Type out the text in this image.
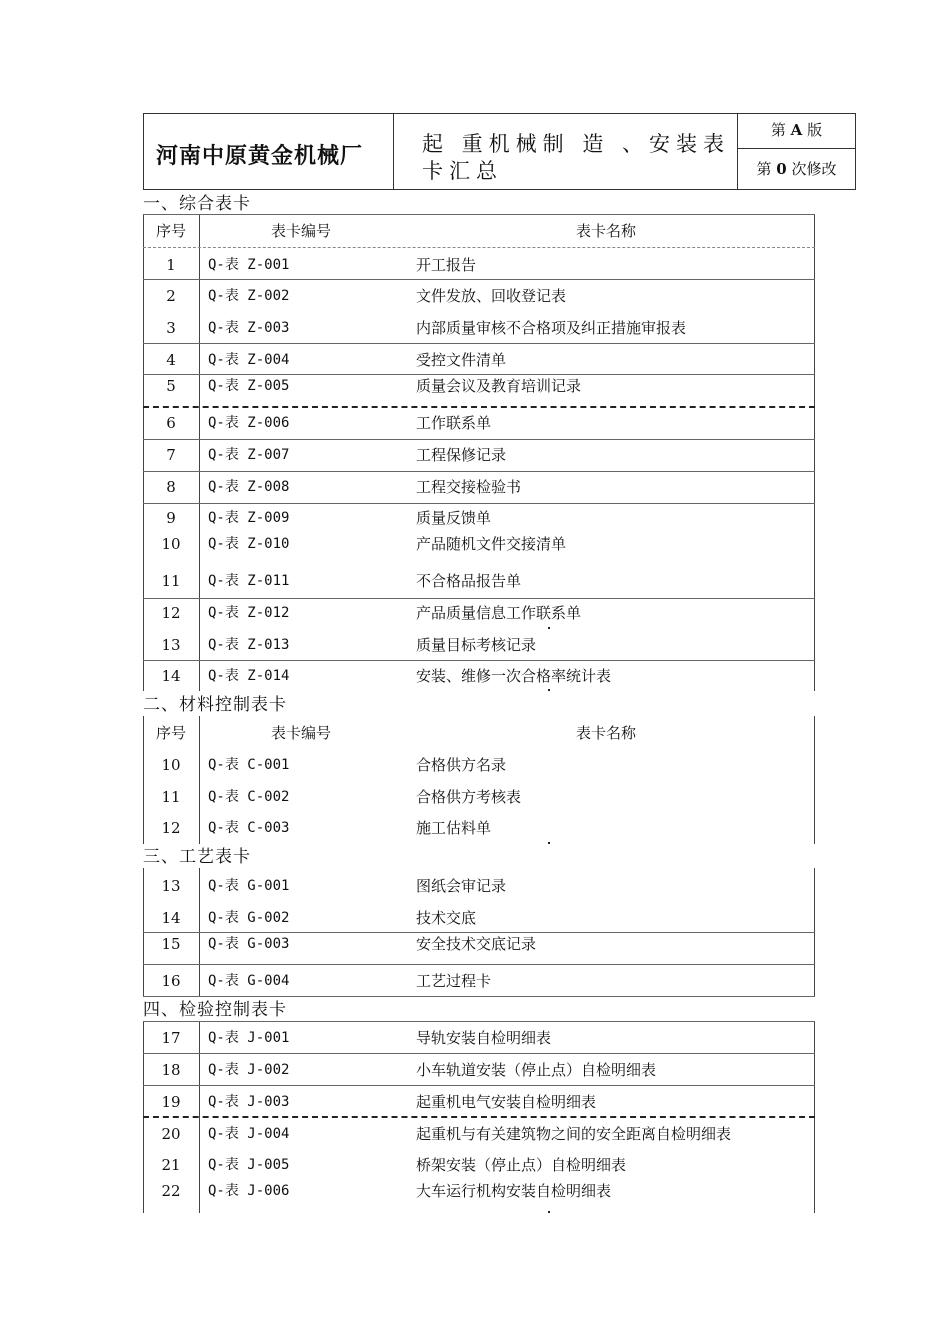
河南中原黄金机械厂	起 重机械制 造 、安装表卡汇总
第 A 版
第 0 次修改
一、综合表卡
序号	表卡编号	表卡名称
1	Q-表 Z-001	开工报告
2	Q-表 Z-002	文件发放、回收登记表
3	Q-表 Z-003	内部质量审核不合格项及纠正措施审报表
4	Q-表 Z-004	受控文件清单
5	Q-表 Z-005	质量会议及教育培训记录
6	Q-表 Z-006	工作联系单
7	Q-表 Z-007	工程保修记录
8	Q-表 Z-008	工程交接检验书
9	Q-表 Z-009	质量反馈单
10	Q-表 Z-010	产品随机文件交接清单
11	Q-表 Z-011	不合格品报告单
12	Q-表 Z-012	产品质量信息工作联系单
13	Q-表 Z-013	质量目标考核记录
14	Q-表 Z-014	安装、维修一次合格率统计表
二、材料控制表卡
序号	表卡编号	表卡名称
10	Q-表 C-001	合格供方名录
11	Q-表 C-002	合格供方考核表
12	Q-表 C-003	施工估料单
三、工艺表卡
13	Q-表 G-001	图纸会审记录
14	Q-表 G-002	技术交底
15	Q-表 G-003	安全技术交底记录
16	Q-表 G-004	工艺过程卡
四、检验控制表卡
17	Q-表 J-001	导轨安装自检明细表
18	Q-表 J-002	小车轨道安装（停止点）自检明细表
19	Q-表 J-003	起重机电气安装自检明细表
20	Q-表 J-004	起重机与有关建筑物之间的安全距离自检明细表
21	Q-表 J-005	桥架安装（停止点）自检明细表
22	Q-表 J-006	大车运行机构安装自检明细表
